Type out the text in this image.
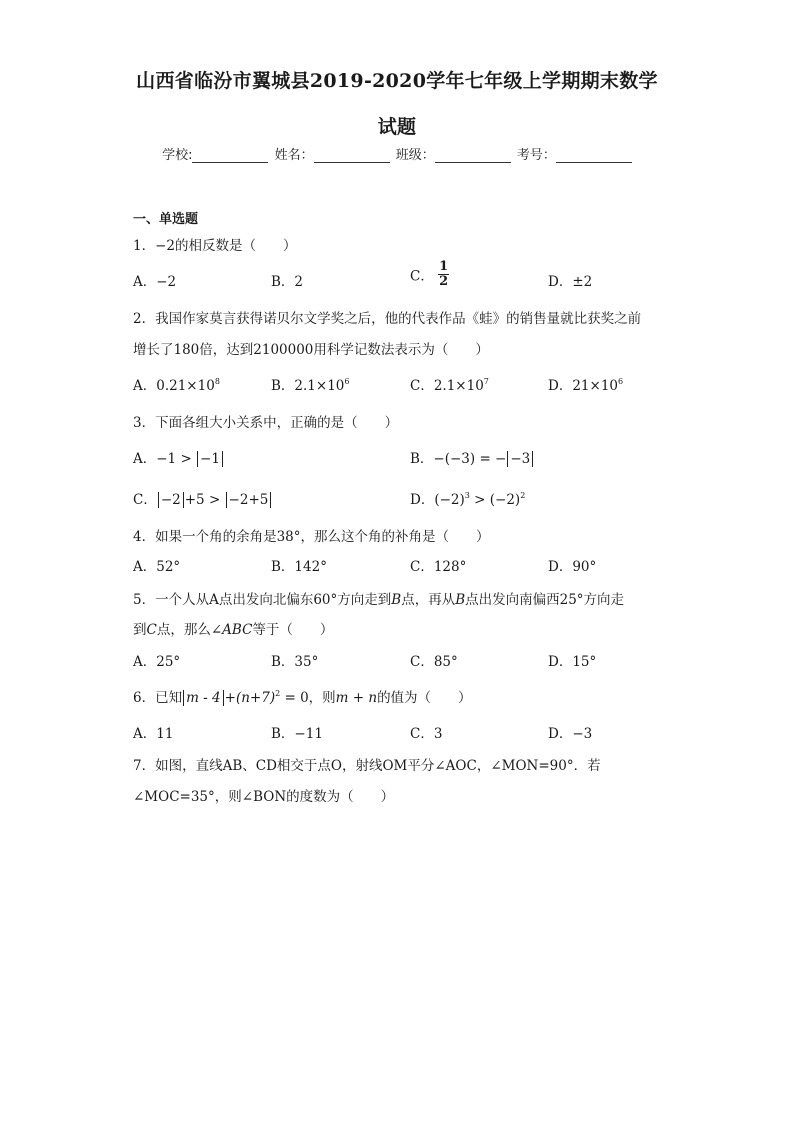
山西省临汾市翼城县2019-2020学年七年级上学期期末数学
试题
学校:	姓名：	班级：	考号：
一、单选题
1．−2的相反数是（　　）
A．−2	B．2	C． $\frac{1}{2}$	D．±2
2．我国作家莫言获得诺贝尔文学奖之后，他的代表作品《蛙》的销售量就比获奖之前
增长了180倍，达到2100000用科学记数法表示为（　　）
A．$0.21\times 10^8$	B．$2.1\times 10^6$	C．$2.1\times 10^7$	D．$21\times 10^6$
3．下面各组大小关系中，正确的是（　　）
A．−1 > −1	B．−(−3) = − −3
C． −2 +5 > −2+5	D．$(-2)^3 > (-2)^2$
4．如果一个角的余角是38°，那么这个角的补角是（　　）
A．52°	B．142°	C．128°	D．90°
5．一个人从A点出发向北偏东60°方向走到B点，再从B点出发向南偏西25°方向走
到C点，那么∠ABC等于（　　）
A．25°	B．35°	C．85°	D．15°
6．已知 $m - 4 +(n+7)^2 = 0$，则m + n的值为（　　）
A．11	B．−11	C．3	D．−3
7．如图，直线AB、CD相交于点O，射线OM平分∠AOC，∠MON=90°．若
∠MOC=35°，则∠BON的度数为（　　）
